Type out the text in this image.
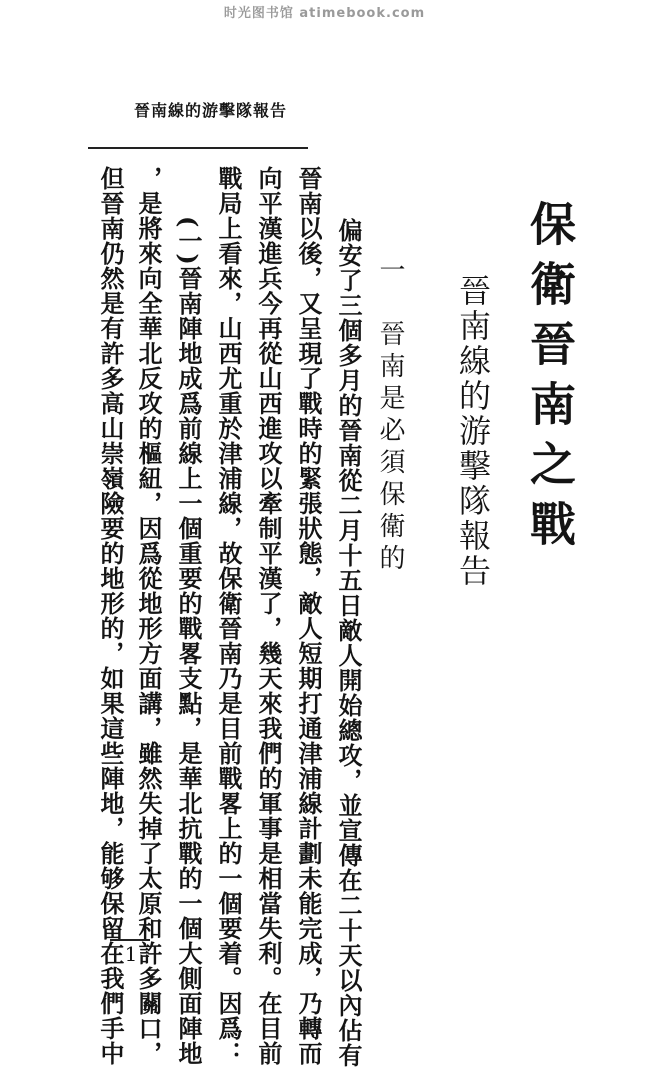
时光图书馆 atimebook.com
晉南線的游擊隊報告
保衛晉南之戰
晉南線的游擊隊報告
一　晉南是必須保衛的
偏安了三個多月的晉南從二月十五日敵人開始總攻，並宣傳在二十天以內佔有
晉南以後，又呈現了戰時的緊張狀態，敵人短期打通津浦線計劃未能完成，乃轉而
向平漢進兵今再從山西進攻以牽制平漢了，幾天來我們的軍事是相當失利。在目前
戰局上看來，山西尤重於津浦線，故保衛晉南乃是目前戰畧上的一個要着。因爲：
(一)晉南陣地成爲前線上一個重要的戰畧支點，是華北抗戰的一個大側面陣地
，是將來向全華北反攻的樞紐，因爲從地形方面講，雖然失掉了太原和許多關口，
但晉南仍然是有許多高山崇嶺險要的地形的，如果這些陣地，能够保留在我們手中 1
